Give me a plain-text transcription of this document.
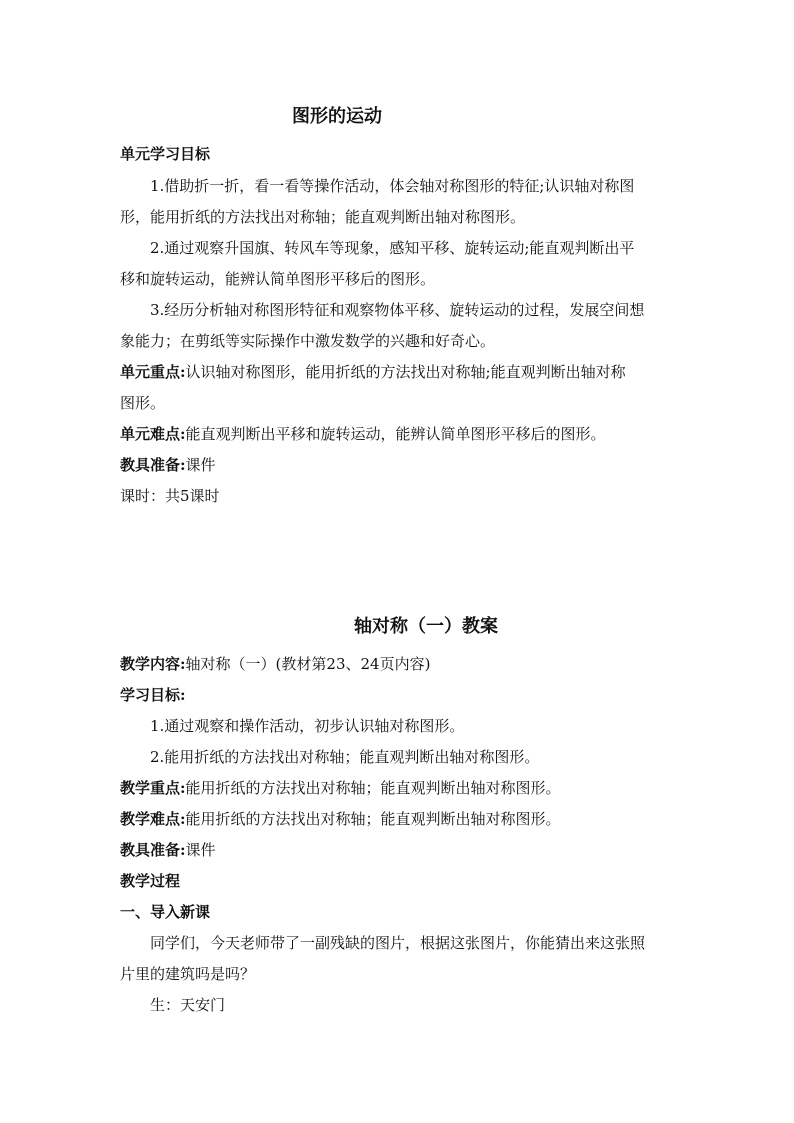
图形的运动
单元学习目标
1.借助折一折，看一看等操作活动，体会轴对称图形的特征;认识轴对称图
形，能用折纸的方法找出对称轴；能直观判断出轴对称图形。
2.通过观察升国旗、转风车等现象，感知平移、旋转运动;能直观判断出平
移和旋转运动，能辨认简单图形平移后的图形。
3.经历分析轴对称图形特征和观察物体平移、旋转运动的过程，发展空间想
象能力；在剪纸等实际操作中激发数学的兴趣和好奇心。
单元重点:认识轴对称图形，能用折纸的方法找出对称轴;能直观判断出轴对称
图形。
单元难点:能直观判断出平移和旋转运动，能辨认简单图形平移后的图形。
教具准备:课件
课时：共5课时
轴对称（一）教案
教学内容:轴对称（一）(教材第23、24页内容)
学习目标:
1.通过观察和操作活动，初步认识轴对称图形。
2.能用折纸的方法找出对称轴；能直观判断出轴对称图形。
教学重点:能用折纸的方法找出对称轴；能直观判断出轴对称图形。
教学难点:能用折纸的方法找出对称轴；能直观判断出轴对称图形。
教具准备:课件
教学过程
一、导入新课
同学们，今天老师带了一副残缺的图片，根据这张图片，你能猜出来这张照
片里的建筑吗是吗？
生：天安门
